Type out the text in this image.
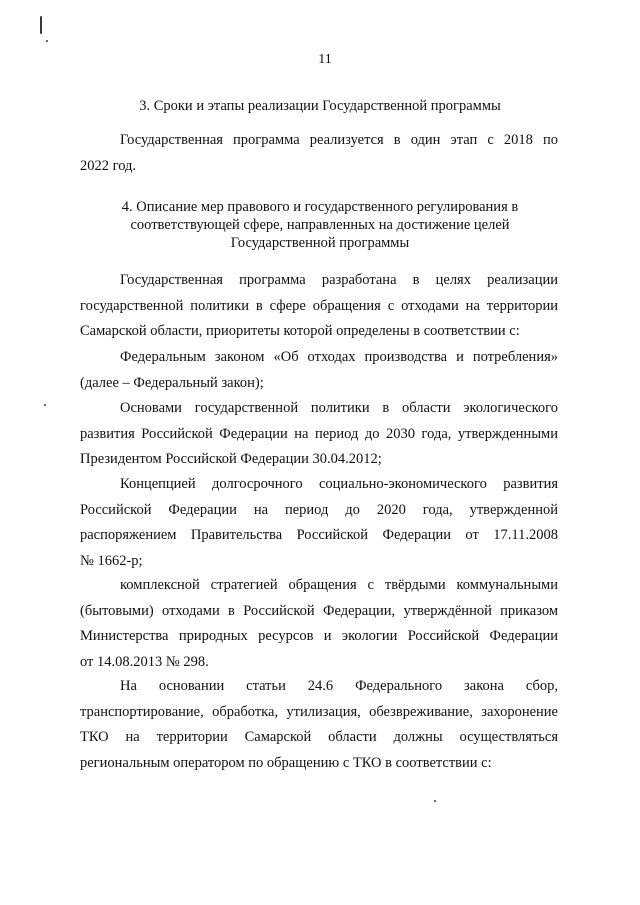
11
3. Сроки и этапы реализации Государственной программы
Государственная программа реализуется в один этап с 2018 по
2022 год.
4. Описание мер правового и государственного регулирования в
соответствующей сфере, направленных на достижение целей
Государственной программы
Государственная программа разработана в целях реализации
государственной политики в сфере обращения с отходами на территории
Самарской области, приоритеты которой определены в соответствии с:
Федеральным законом «Об отходах производства и потребления»
(далее – Федеральный закон);
Основами государственной политики в области экологического
развития Российской Федерации на период до 2030 года, утвержденными
Президентом Российской Федерации 30.04.2012;
Концепцией долгосрочного социально-экономического развития
Российской Федерации на период до 2020 года, утвержденной
распоряжением Правительства Российской Федерации от 17.11.2008
№ 1662-р;
комплексной стратегией обращения с твёрдыми коммунальными
(бытовыми) отходами в Российской Федерации, утверждённой приказом
Министерства природных ресурсов и экологии Российской Федерации
от 14.08.2013 № 298.
На основании статьи 24.6 Федерального закона сбор,
транспортирование, обработка, утилизация, обезвреживание, захоронение
ТКО на территории Самарской области должны осуществляться
региональным оператором по обращению с ТКО в соответствии с:
